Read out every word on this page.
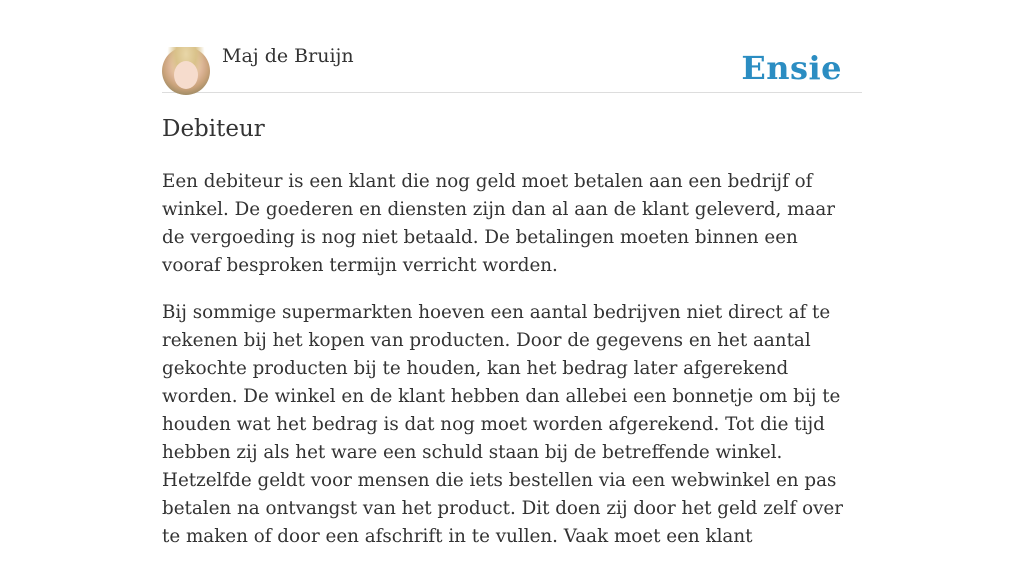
Maj de Bruijn	Ensie
Debiteur

Een debiteur is een klant die nog geld moet betalen aan een bedrijf of winkel. De goederen en diensten zijn dan al aan de klant geleverd, maar de vergoeding is nog niet betaald. De betalingen moeten binnen een vooraf besproken termijn verricht worden.

Bij sommige supermarkten hoeven een aantal bedrijven niet direct af te rekenen bij het kopen van producten. Door de gegevens en het aantal gekochte producten bij te houden, kan het bedrag later afgerekend worden. De winkel en de klant hebben dan allebei een bonnetje om bij te houden wat het bedrag is dat nog moet worden afgerekend. Tot die tijd hebben zij als het ware een schuld staan bij de betreffende winkel. Hetzelfde geldt voor mensen die iets bestellen via een webwinkel en pas betalen na ontvangst van het product. Dit doen zij door het geld zelf over te maken of door een afschrift in te vullen. Vaak moet een klant
